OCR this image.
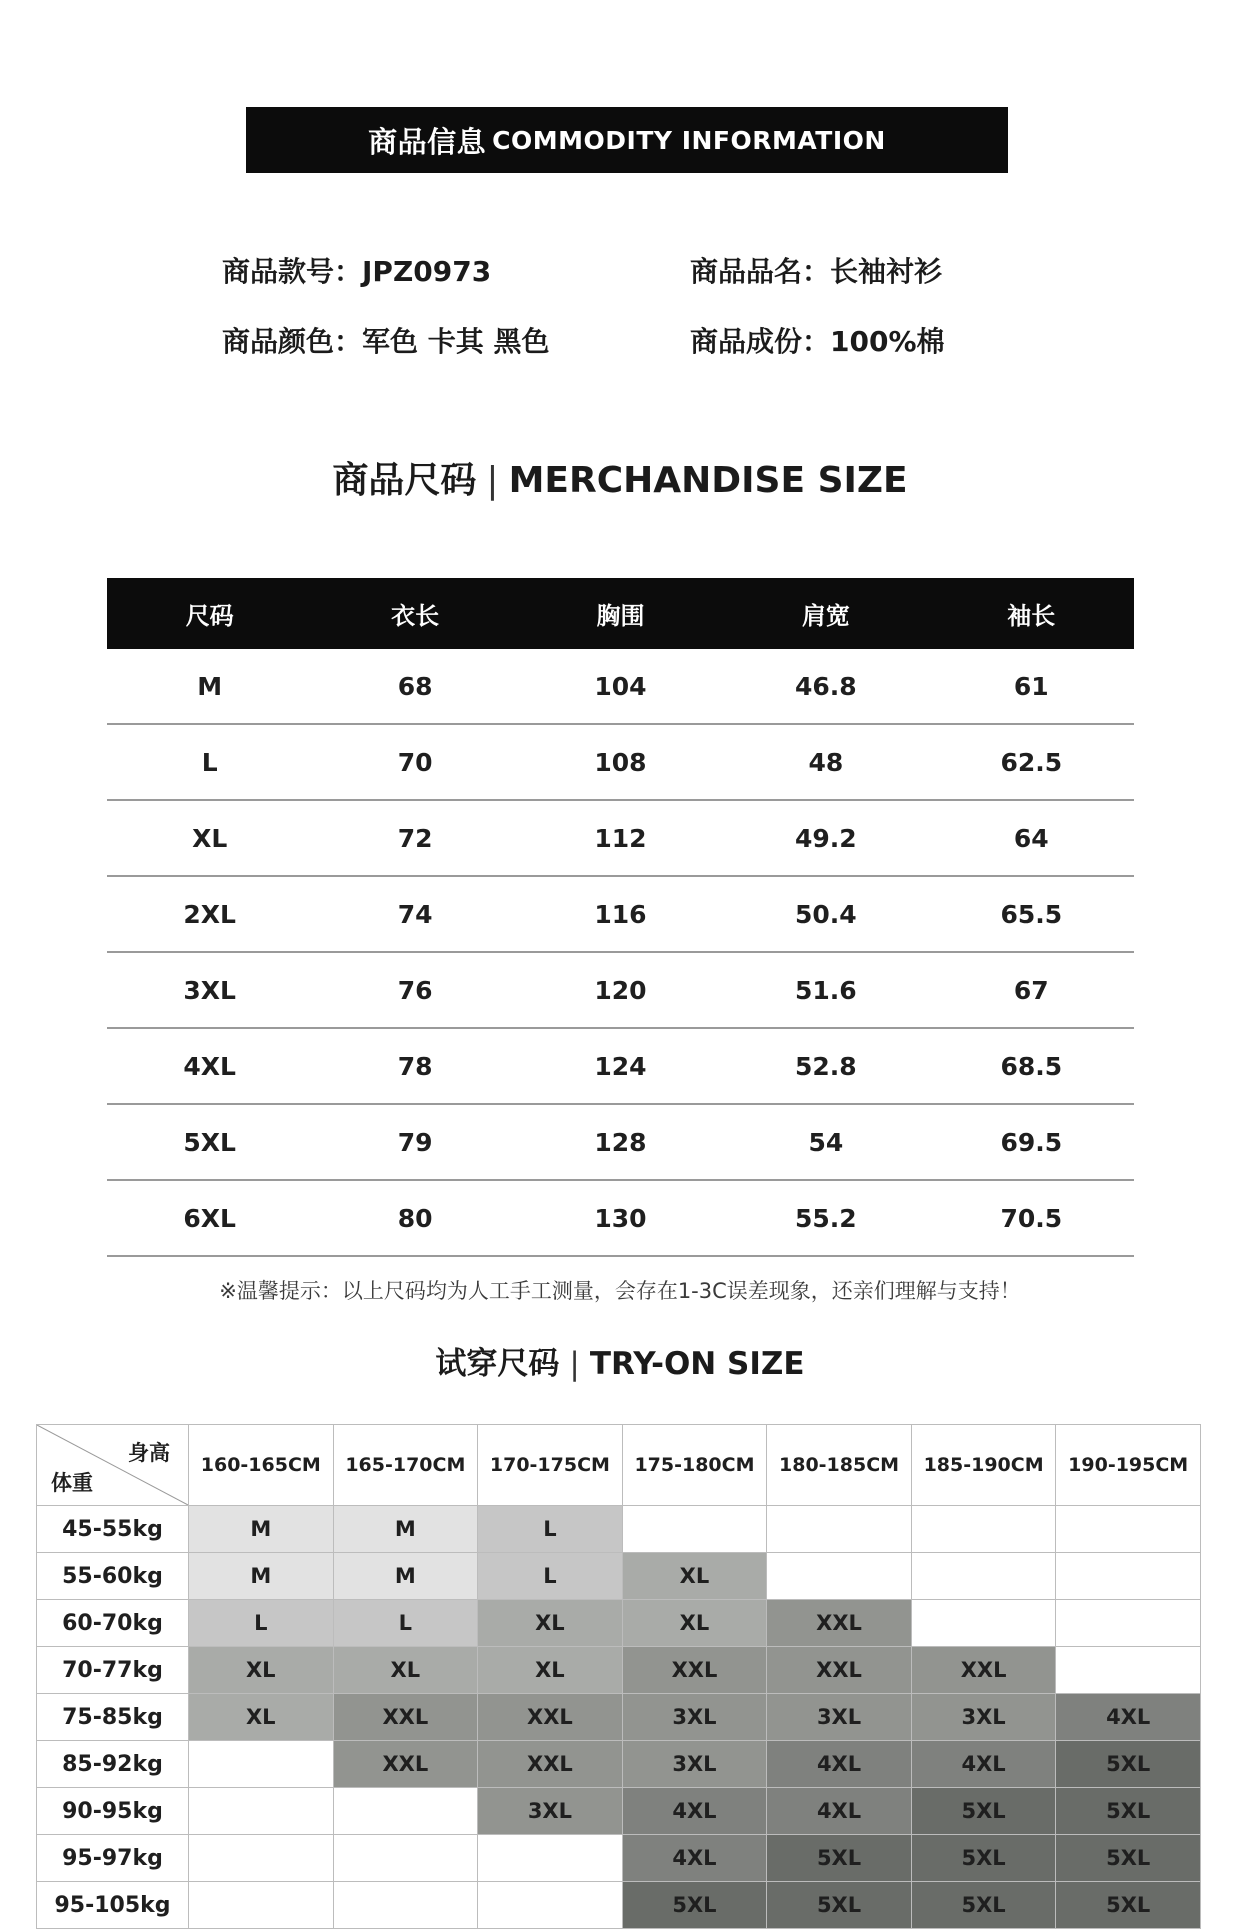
商品信息 COMMODITY INFORMATION
商品款号：JPZ0973	商品品名：长袖衬衫
商品颜色：军色 卡其 黑色	商品成份：100%棉
商品尺码 | MERCHANDISE SIZE
尺码	衣长	胸围	肩宽	袖长
M	68	104	46.8	61
L	70	108	48	62.5
XL	72	112	49.2	64
2XL	74	116	50.4	65.5
3XL	76	120	51.6	67
4XL	78	124	52.8	68.5
5XL	79	128	54	69.5
6XL	80	130	55.2	70.5
※温馨提示：以上尺码均为人工手工测量，会存在1-3C误差现象，还亲们理解与支持！
试穿尺码 | TRY-ON SIZE
身高
体重	160-165CM	165-170CM	170-175CM	175-180CM	180-185CM	185-190CM	190-195CM
45-55kg	M	M	L				
55-60kg	M	M	L	XL			
60-70kg	L	L	XL	XL	XXL		
70-77kg	XL	XL	XL	XXL	XXL	XXL	
75-85kg	XL	XXL	XXL	3XL	3XL	3XL	4XL
85-92kg		XXL	XXL	3XL	4XL	4XL	5XL
90-95kg			3XL	4XL	4XL	5XL	5XL
95-97kg				4XL	5XL	5XL	5XL
95-105kg				5XL	5XL	5XL	5XL
